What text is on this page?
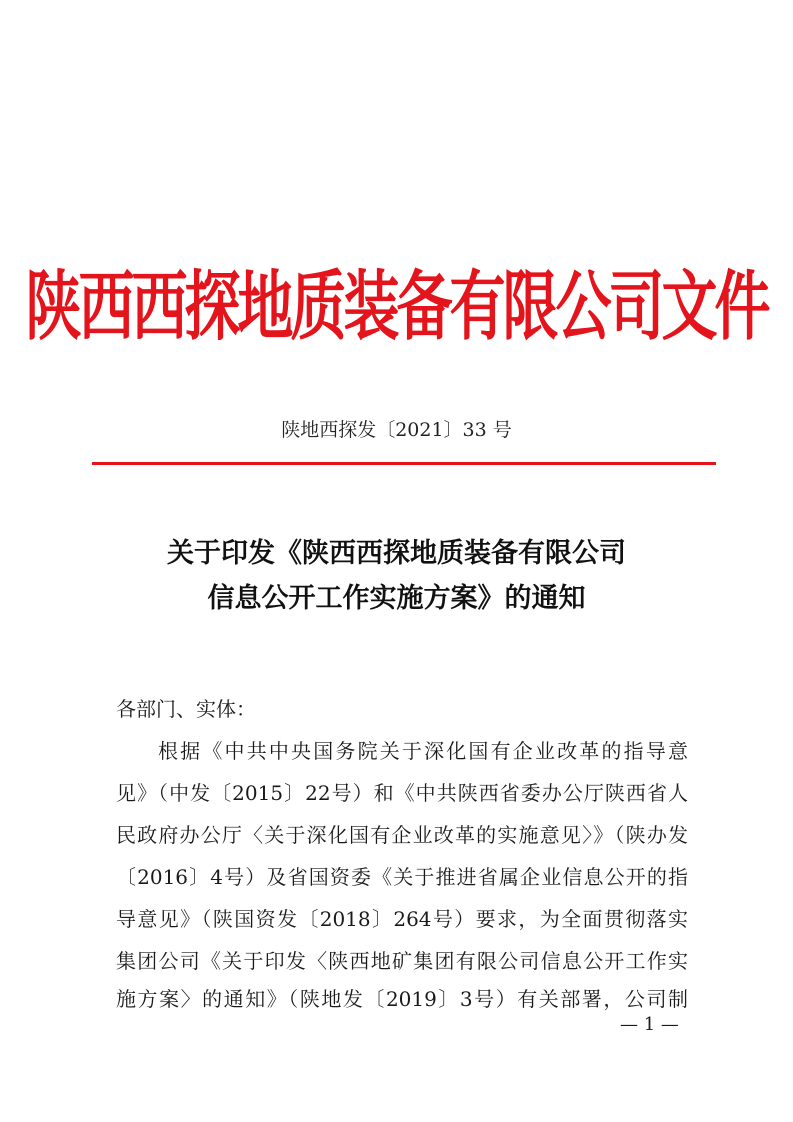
陕西西探地质装备有限公司文件
陕地西探发〔2021〕33 号
关于印发《陕西西探地质装备有限公司
信息公开工作实施方案》的通知
各部门、实体：
根据《中共中央国务院关于深化国有企业改革的指导意
见》（中发〔2015〕22号）和《中共陕西省委办公厅陕西省人
民政府办公厅〈关于深化国有企业改革的实施意见〉》（陕办发
〔2016〕4号）及省国资委《关于推进省属企业信息公开的指
导意见》（陕国资发〔2018〕264号）要求，为全面贯彻落实
集团公司《关于印发〈陕西地矿集团有限公司信息公开工作实
施方案〉的通知》（陕地发〔2019〕3号）有关部署，公司制
— 1 —
